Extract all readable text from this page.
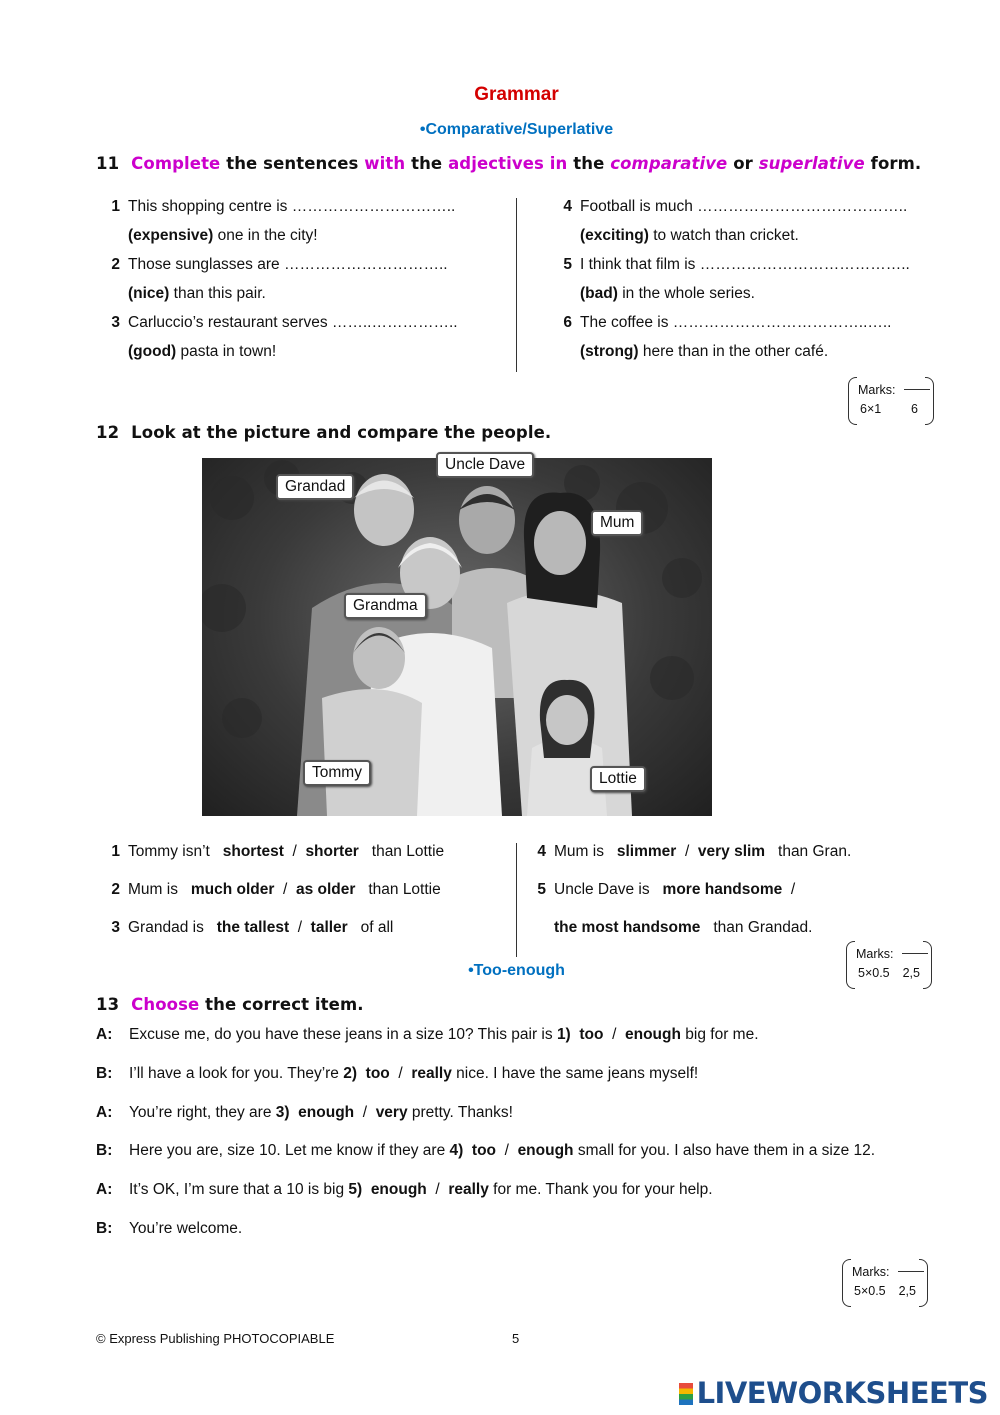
Grammar
•Comparative/Superlative
11 Complete the sentences with the adjectives in the comparative or superlative form.
1 This shopping centre is …………………………..
(expensive) one in the city!
2 Those sunglasses are …………………………..
(nice) than this pair.
3 Carluccio’s restaurant serves ……..……………..
(good) pasta in town!
4 Football is much …………………………………..
(exciting) to watch than cricket.
5 I think that film is …………………………………..
(bad) in the whole series.
6 The coffee is ………………………………..…..
(strong) here than in the other café.
Marks:
6×1 6
12 Look at the picture and compare the people.
Grandad
Uncle Dave
Mum
Grandma
Tommy	Lottie
1 Tommy isn’t   shortest  /  shorter   than Lottie
2 Mum is   much older  /  as older   than Lottie
3 Grandad is   the tallest  /  taller   of all
4 Mum is   slimmer  /  very slim   than Gran.
5 Uncle Dave is   more handsome  /
the most handsome   than Grandad.
•Too-enough
Marks:
5×0.5 2,5
13 Choose the correct item.
A: Excuse me, do you have these jeans in a size 10? This pair is 1)  too  /  enough big for me.
B: I’ll have a look for you. They’re 2)  too  /  really nice. I have the same jeans myself!
A: You’re right, they are 3)  enough  /  very pretty. Thanks!
B: Here you are, size 10. Let me know if they are 4)  too  /  enough small for you. I also have them in a size 12.
A: It’s OK, I’m sure that a 10 is big 5)  enough  /  really for me. Thank you for your help.
B: You’re welcome.
Marks:
5×0.5 2,5
© Express Publishing PHOTOCOPIABLE	5
LIVEWORKSHEETS
